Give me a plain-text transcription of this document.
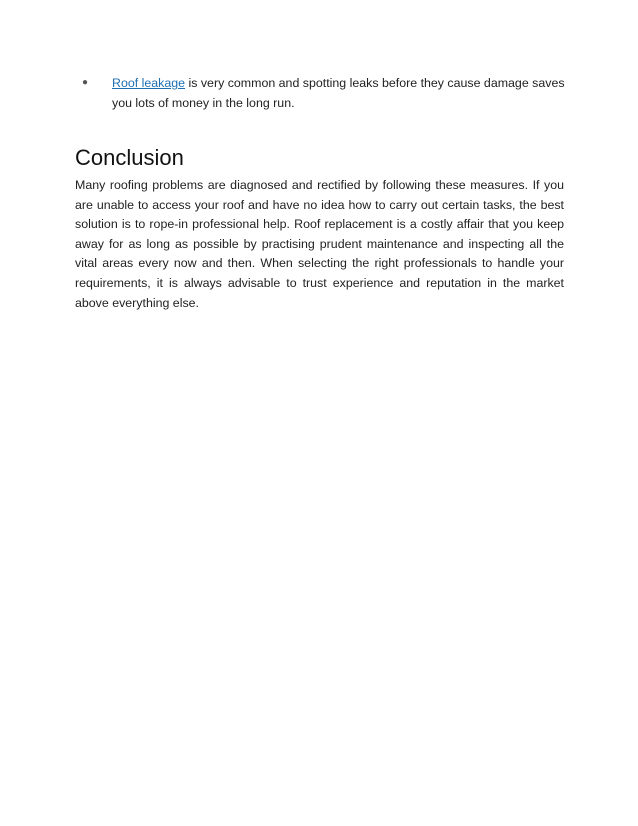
● Roof leakage is very common and spotting leaks before they cause damage saves you lots of money in the long run.
Conclusion

Many roofing problems are diagnosed and rectified by following these measures. If you are unable to access your roof and have no idea how to carry out certain tasks, the best solution is to rope-in professional help. Roof replacement is a costly affair that you keep away for as long as possible by practising prudent maintenance and inspecting all the vital areas every now and then. When selecting the right professionals to handle your requirements, it is always advisable to trust experience and reputation in the market above everything else.
